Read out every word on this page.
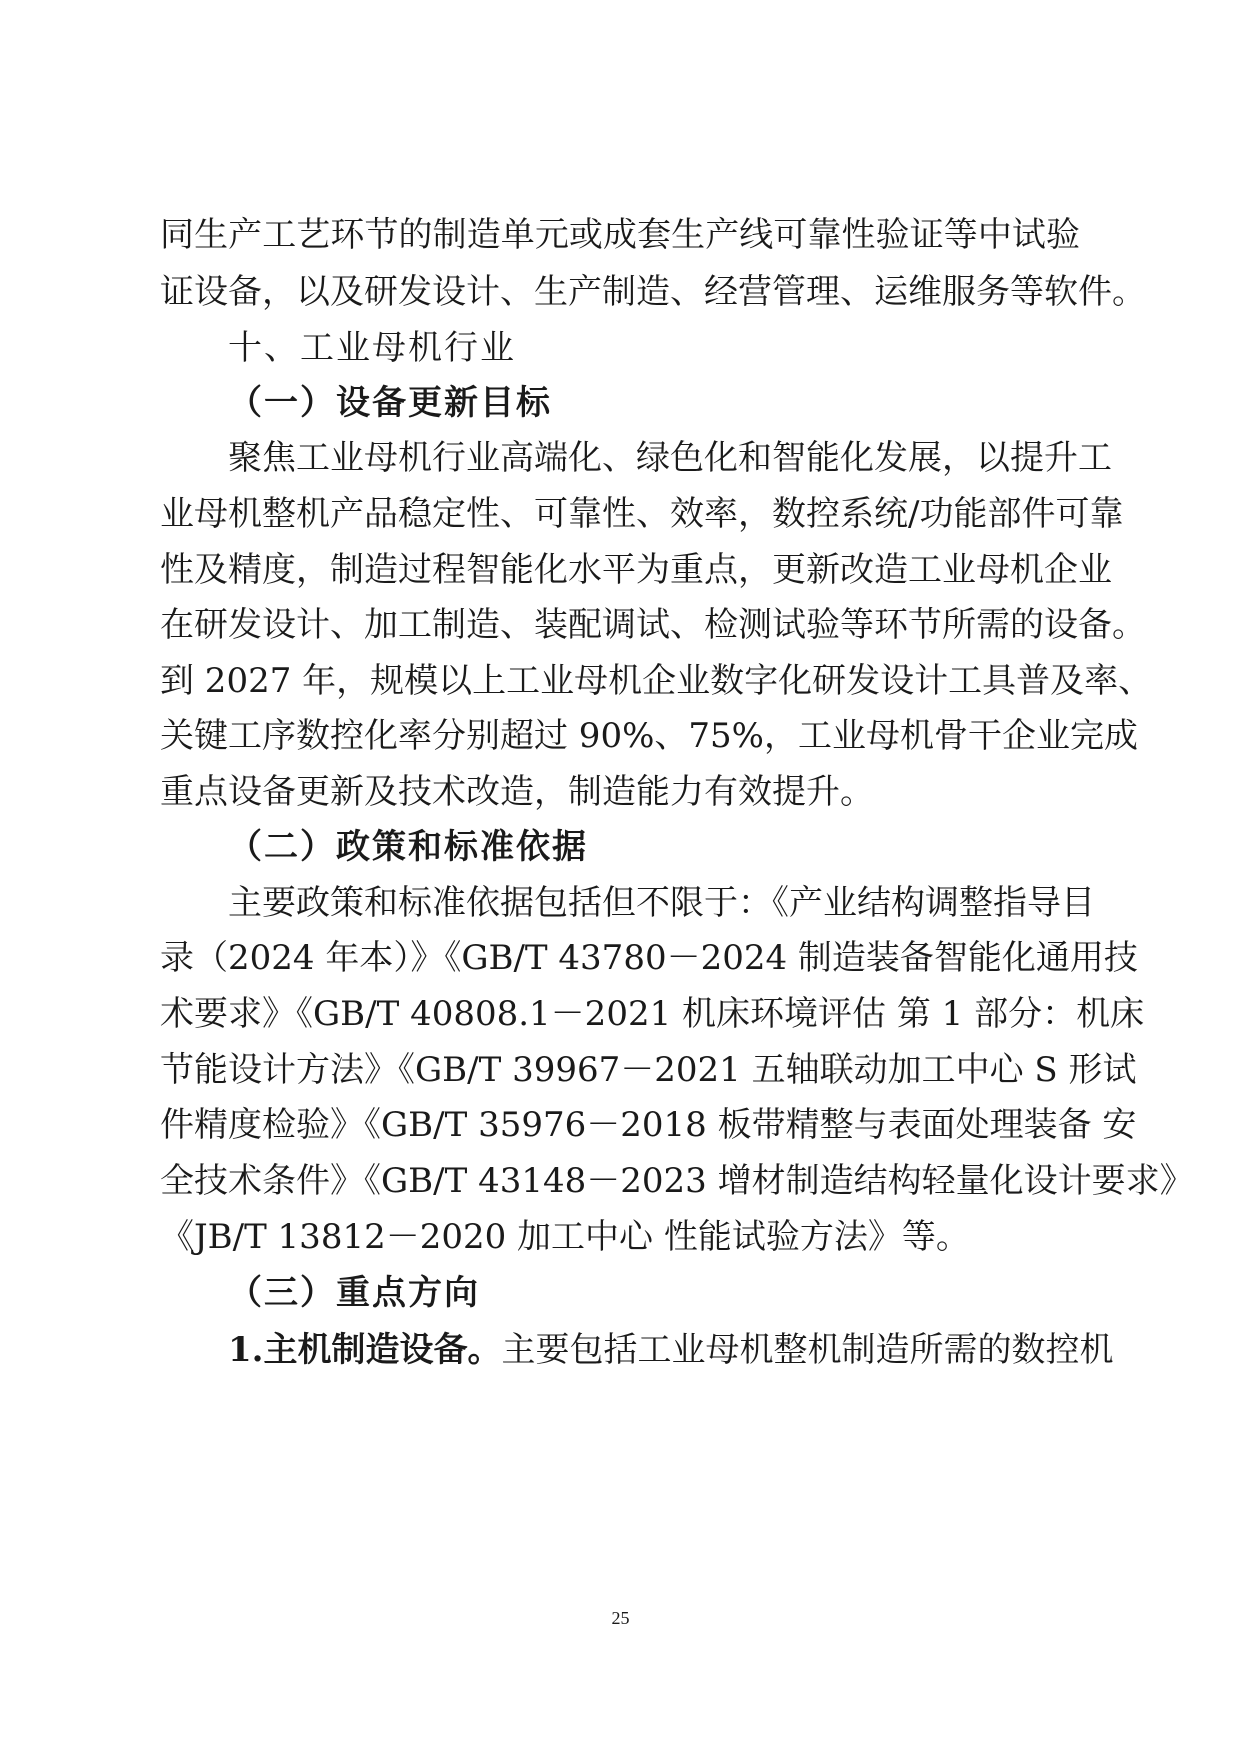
同生产工艺环节的制造单元或成套生产线可靠性验证等中试验
证设备，以及研发设计、生产制造、经营管理、运维服务等软件。
十、工业母机行业
（一）设备更新目标
聚焦工业母机行业高端化、绿色化和智能化发展，以提升工
业母机整机产品稳定性、可靠性、效率，数控系统/功能部件可靠
性及精度，制造过程智能化水平为重点，更新改造工业母机企业
在研发设计、加工制造、装配调试、检测试验等环节所需的设备。
到 2027 年，规模以上工业母机企业数字化研发设计工具普及率、
关键工序数控化率分别超过 90%、75%，工业母机骨干企业完成
重点设备更新及技术改造，制造能力有效提升。
（二）政策和标准依据
主要政策和标准依据包括但不限于：《产业结构调整指导目
录（2024 年本）》《GB/T 43780－2024 制造装备智能化通用技
术要求》《GB/T 40808.1－2021 机床环境评估 第 1 部分：机床
节能设计方法》《GB/T 39967－2021 五轴联动加工中心 S 形试
件精度检验》《GB/T 35976－2018 板带精整与表面处理装备 安
全技术条件》《GB/T 43148－2023 增材制造结构轻量化设计要求》
《JB/T 13812－2020 加工中心 性能试验方法》等。
（三）重点方向
1.主机制造设备。主要包括工业母机整机制造所需的数控机
25
